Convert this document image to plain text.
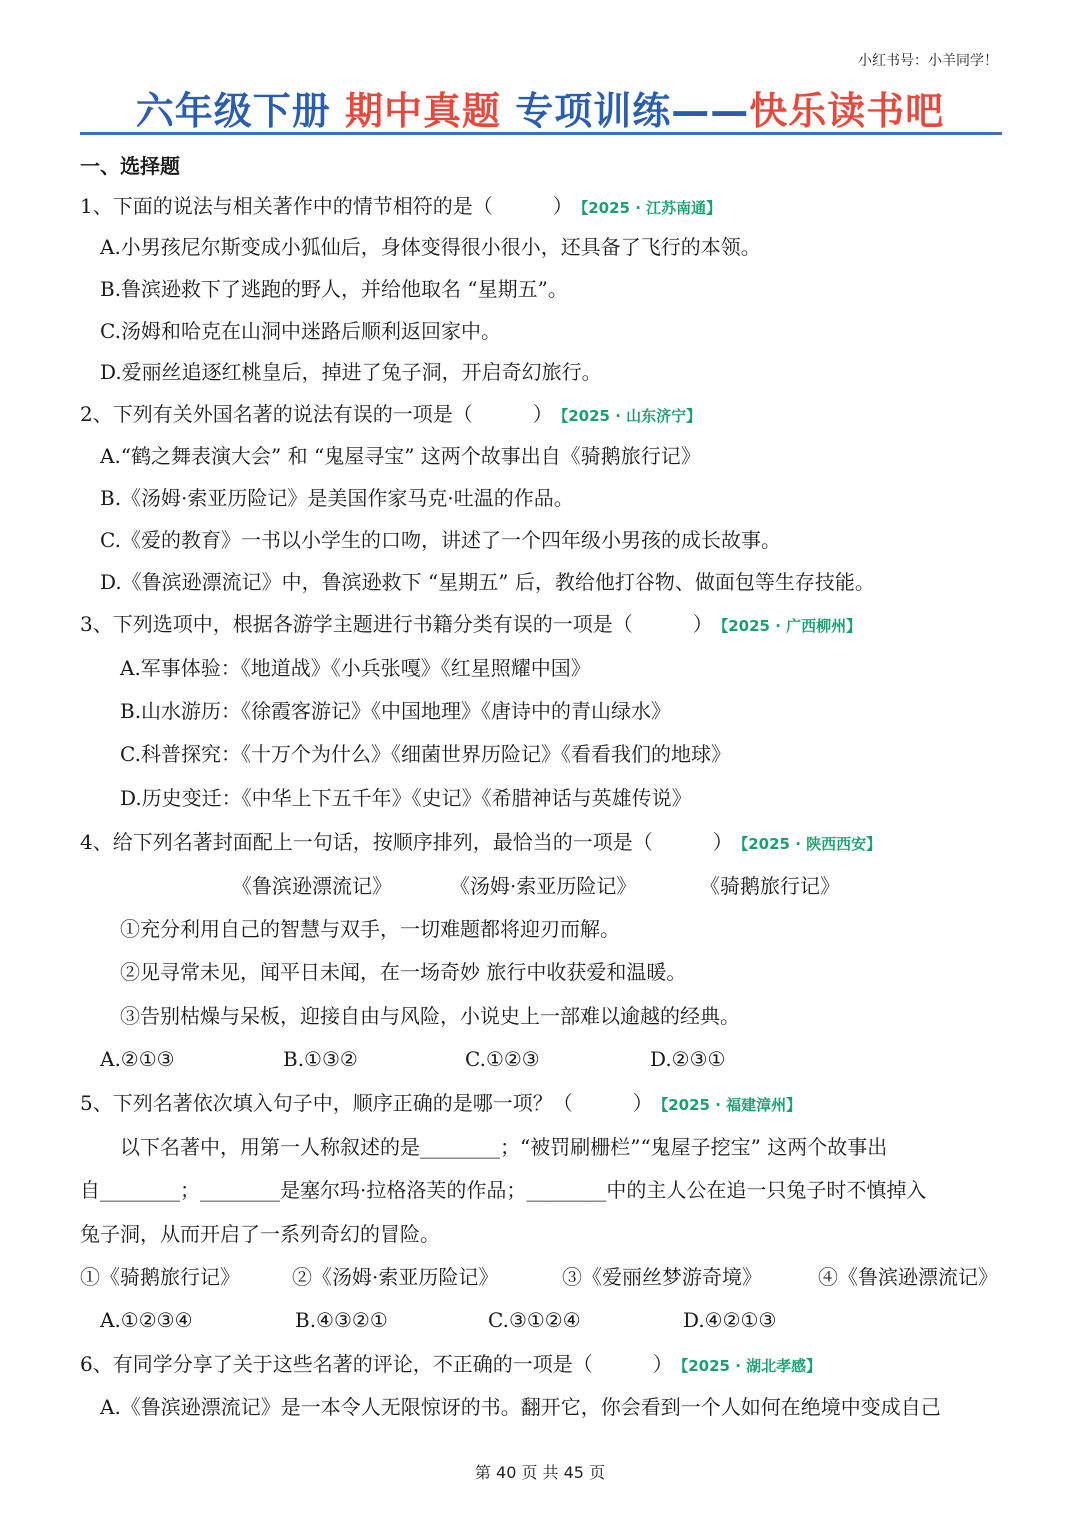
小红书号：小羊同学！
六年级下册 期中真题 专项训练——快乐读书吧
一、选择题
1、下面的说法与相关著作中的情节相符的是（　　　） 【2025 · 江苏南通】
A.小男孩尼尔斯变成小狐仙后，身体变得很小很小，还具备了飞行的本领。
B.鲁滨逊救下了逃跑的野人，并给他取名 “星期五”。
C.汤姆和哈克在山洞中迷路后顺利返回家中。
D.爱丽丝追逐红桃皇后，掉进了兔子洞，开启奇幻旅行。
2、下列有关外国名著的说法有误的一项是（　　　） 【2025 · 山东济宁】
A.“鹤之舞表演大会” 和 “鬼屋寻宝” 这两个故事出自《骑鹅旅行记》
B.《汤姆·索亚历险记》是美国作家马克·吐温的作品。
C.《爱的教育》一书以小学生的口吻，讲述了一个四年级小男孩的成长故事。
D.《鲁滨逊漂流记》中，鲁滨逊救下 “星期五” 后，教给他打谷物、做面包等生存技能。
3、下列选项中，根据各游学主题进行书籍分类有误的一项是（　　　） 【2025 · 广西柳州】
A.军事体验：《地道战》《小兵张嘎》《红星照耀中国》
B.山水游历：《徐霞客游记》《中国地理》《唐诗中的青山绿水》
C.科普探究：《十万个为什么》《细菌世界历险记》《看看我们的地球》
D.历史变迁：《中华上下五千年》《史记》《希腊神话与英雄传说》
4、给下列名著封面配上一句话，按顺序排列，最恰当的一项是（　　　） 【2025 · 陕西西安】
《鲁滨逊漂流记》	《汤姆·索亚历险记》	《骑鹅旅行记》
①充分利用自己的智慧与双手，一切难题都将迎刃而解。
②见寻常未见，闻平日未闻，在一场奇妙 旅行中收获爱和温暖。
③告别枯燥与呆板，迎接自由与风险，小说史上一部难以逾越的经典。
A.②①③	B.①③②	C.①②③	D.②③①
5、下列名著依次填入句子中，顺序正确的是哪一项？（　　　） 【2025 · 福建漳州】
以下名著中，用第一人称叙述的是________；“被罚刷栅栏”“鬼屋子挖宝” 这两个故事出
自________；________是塞尔玛·拉格洛芙的作品；________中的主人公在追一只兔子时不慎掉入
兔子洞，从而开启了一系列奇幻的冒险。
①《骑鹅旅行记》	②《汤姆·索亚历险记》	③《爱丽丝梦游奇境》	④《鲁滨逊漂流记》
A.①②③④	B.④③②①	C.③①②④	D.④②①③
6、有同学分享了关于这些名著的评论，不正确的一项是（　　　） 【2025 · 湖北孝感】
A.《鲁滨逊漂流记》是一本令人无限惊讶的书。翻开它，你会看到一个人如何在绝境中变成自己
第 40 页 共 45 页
